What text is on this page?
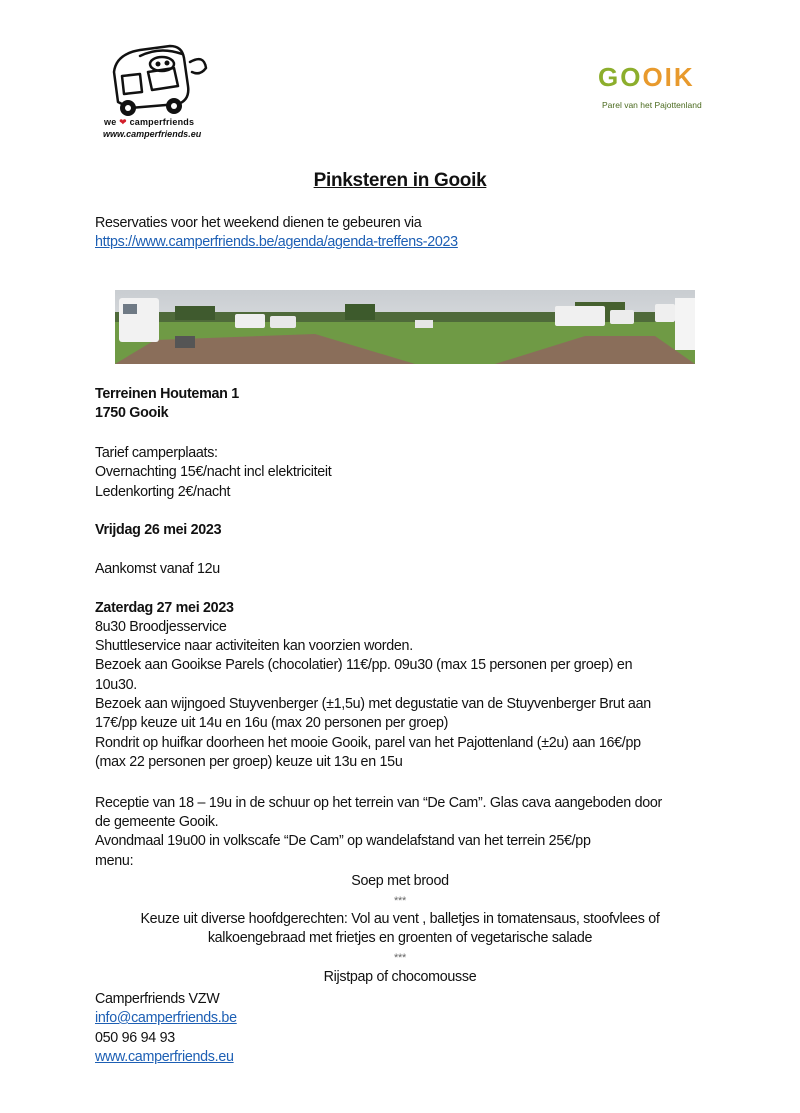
we ❤ camperfriends
www.camperfriends.eu
GOOIK
Parel van het Pajottenland
Pinksteren in Gooik
Reservaties voor het weekend dienen te gebeuren via
https://www.camperfriends.be/agenda/agenda-treffens-2023
Terreinen Houteman 1
1750 Gooik
Tarief camperplaats:
Overnachting 15€/nacht incl elektriciteit
Ledenkorting 2€/nacht
Vrijdag 26 mei 2023
Aankomst vanaf 12u
Zaterdag 27 mei 2023
8u30 Broodjesservice
Shuttleservice naar activiteiten kan voorzien worden.
Bezoek aan Gooikse Parels (chocolatier) 11€/pp. 09u30 (max 15 personen per groep) en
10u30.
Bezoek aan wijngoed Stuyvenberger (±1,5u) met degustatie van de Stuyvenberger Brut aan
17€/pp keuze uit 14u en 16u (max 20 personen per groep)
Rondrit op huifkar doorheen het mooie Gooik, parel van het Pajottenland (±2u) aan 16€/pp
(max 22 personen per groep) keuze uit 13u en 15u
Receptie van 18 – 19u in de schuur op het terrein van “De Cam”. Glas cava aangeboden door
de gemeente Gooik.
Avondmaal 19u00 in volkscafe “De Cam” op wandelafstand van het terrein 25€/pp
menu:
Soep met brood
***
Keuze uit diverse hoofdgerechten: Vol au vent , balletjes in tomatensaus, stoofvlees of
kalkoengebraad met frietjes en groenten of vegetarische salade
***
Rijstpap of chocomousse
Camperfriends VZW
info@camperfriends.be
050 96 94 93
www.camperfriends.eu
